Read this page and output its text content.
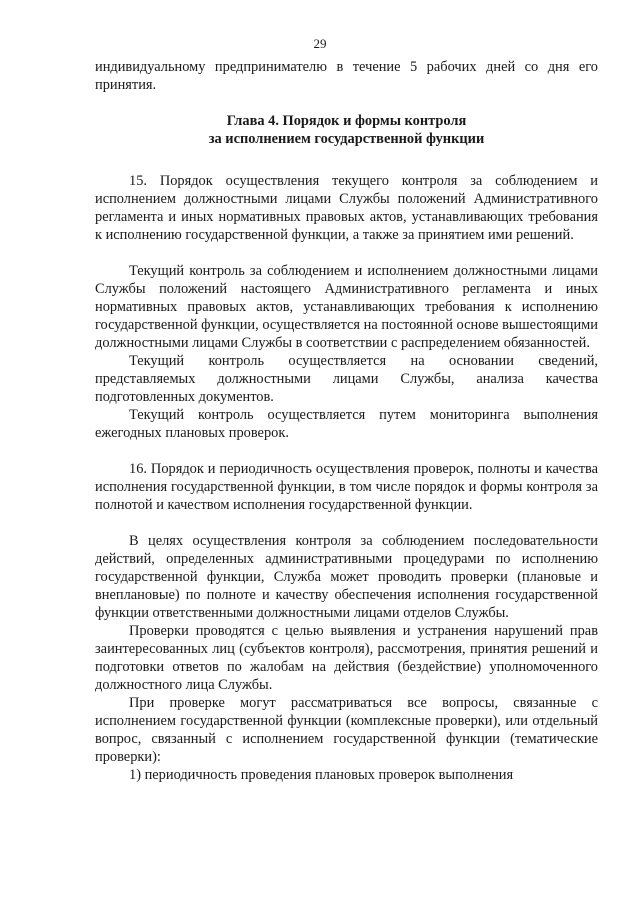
29

индивидуальному предпринимателю в течение 5 рабочих дней со дня его принятия.

Глава 4. Порядок и формы контроля

за исполнением государственной функции

15. Порядок осуществления текущего контроля за соблюдением и исполнением должностными лицами Службы положений Административного регламента и иных нормативных правовых актов, устанавливающих требования к исполнению государственной функции, а также за принятием ими решений.

Текущий контроль за соблюдением и исполнением должностными лицами Службы положений настоящего Административного регламента и иных нормативных правовых актов, устанавливающих требования к исполнению государственной функции, осуществляется на постоянной основе вышестоящими должностными лицами Службы в соответствии с распределением обязанностей.

Текущий контроль осуществляется на основании сведений, представляемых должностными лицами Службы, анализа качества подготовленных документов.

Текущий контроль осуществляется путем мониторинга выполнения ежегодных плановых проверок.

16. Порядок и периодичность осуществления проверок, полноты и качества исполнения государственной функции, в том числе порядок и формы контроля за полнотой и качеством исполнения государственной функции.

В целях осуществления контроля за соблюдением последовательности действий, определенных административными процедурами по исполнению государственной функции, Служба может проводить проверки (плановые и внеплановые) по полноте и качеству обеспечения исполнения государственной функции ответственными должностными лицами отделов Службы.

Проверки проводятся с целью выявления и устранения нарушений прав заинтересованных лиц (субъектов контроля), рассмотрения, принятия решений и подготовки ответов по жалобам на действия (бездействие) уполномоченного должностного лица Службы.

При проверке могут рассматриваться все вопросы, связанные с исполнением государственной функции (комплексные проверки), или отдельный вопрос, связанный с исполнением государственной функции (тематические проверки):

1) периодичность проведения плановых проверок выполнения
